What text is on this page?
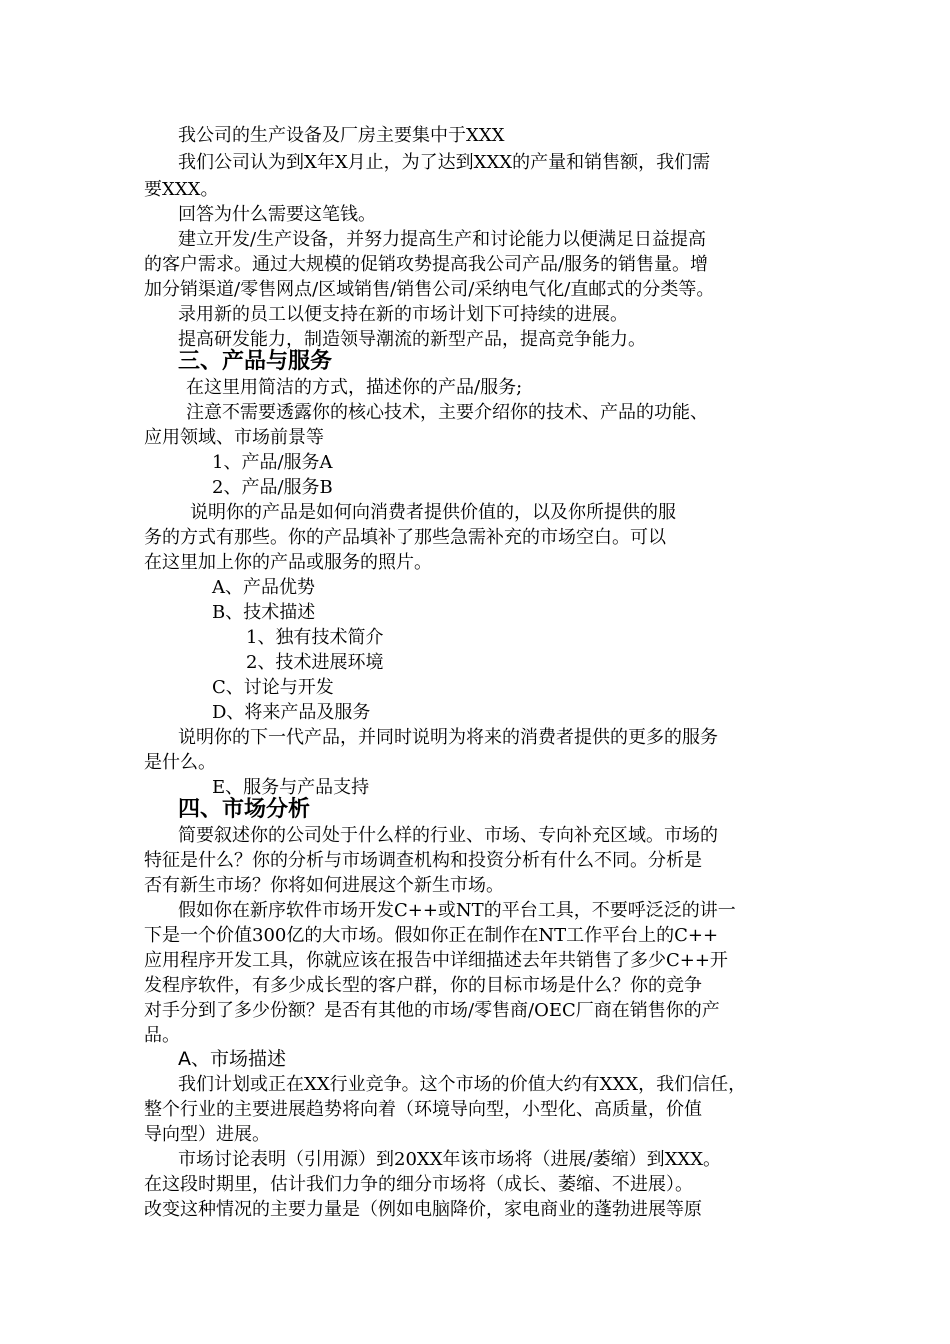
我公司的生产设备及厂房主要集中于XXX
我们公司认为到X年X月止，为了达到XXX的产量和销售额，我们需
要XXX。
回答为什么需要这笔钱。
建立开发/生产设备，并努力提高生产和讨论能力以便满足日益提高
的客户需求。通过大规模的促销攻势提高我公司产品/服务的销售量。增
加分销渠道/零售网点/区域销售/销售公司/采纳电气化/直邮式的分类等。
录用新的员工以便支持在新的市场计划下可持续的进展。
提高研发能力，制造领导潮流的新型产品，提高竞争能力。
三、产品与服务
在这里用简洁的方式，描述你的产品/服务;
注意不需要透露你的核心技术，主要介绍你的技术、产品的功能、
应用领域、市场前景等
1、产品/服务A
2、产品/服务B
说明你的产品是如何向消费者提供价值的，以及你所提供的服
务的方式有那些。你的产品填补了那些急需补充的市场空白。可以
在这里加上你的产品或服务的照片。
A、产品优势
B、技术描述
1、独有技术简介
2、技术进展环境
C、讨论与开发
D、将来产品及服务
说明你的下一代产品，并同时说明为将来的消费者提供的更多的服务
是什么。
E、服务与产品支持
四、市场分析
简要叙述你的公司处于什么样的行业、市场、专向补充区域。市场的
特征是什么？你的分析与市场调查机构和投资分析有什么不同。分析是
否有新生市场？你将如何进展这个新生市场。
假如你在新序软件市场开发C++或NT的平台工具，不要呼泛泛的讲一
下是一个价值300亿的大市场。假如你正在制作在NT工作平台上的C++
应用程序开发工具，你就应该在报告中详细描述去年共销售了多少C++开
发程序软件，有多少成长型的客户群，你的目标市场是什么？你的竞争
对手分到了多少份额？是否有其他的市场/零售商/OEC厂商在销售你的产
品。
A、市场描述
我们计划或正在XX行业竞争。这个市场的价值大约有XXX，我们信任，
整个行业的主要进展趋势将向着（环境导向型，小型化、高质量，价值
导向型）进展。
市场讨论表明（引用源）到20XX年该市场将（进展/萎缩）到XXX。
在这段时期里，估计我们力争的细分市场将（成长、萎缩、不进展）。
改变这种情况的主要力量是（例如电脑降价，家电商业的蓬勃进展等原
